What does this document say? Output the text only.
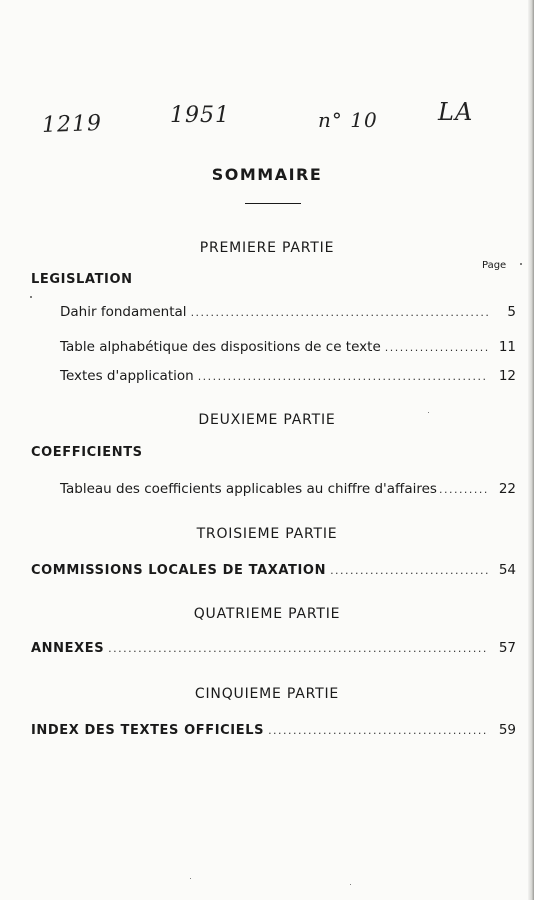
1219	1951	n° 10	LA
SOMMAIRE
PREMIERE PARTIE
Page
LEGISLATION
Dahir fondamental .....	5
Table alphabétique des dispositions de ce texte .....	11
Textes d'application .....	12
DEUXIEME PARTIE
COEFFICIENTS
Tableau des coefficients applicables au chiffre d'affaires .....	22
TROISIEME PARTIE
COMMISSIONS LOCALES DE TAXATION .....	54
QUATRIEME PARTIE
ANNEXES .....	57
CINQUIEME PARTIE
INDEX DES TEXTES OFFICIELS .....	59
